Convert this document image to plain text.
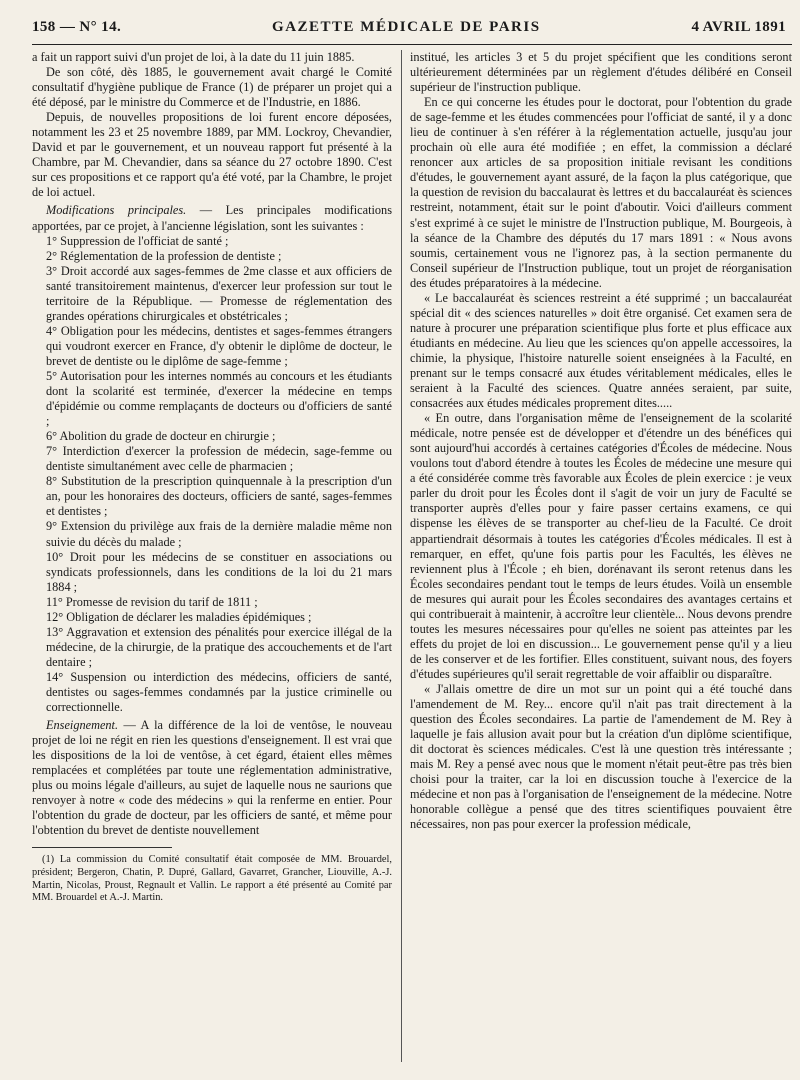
158 — N° 14.	GAZETTE MÉDICALE DE PARIS	4 AVRIL 1891

a fait un rapport suivi d'un projet de loi, à la date du 11 juin 1885.

De son côté, dès 1885, le gouvernement avait chargé le Comité consultatif d'hygiène publique de France (1) de préparer un projet qui a été déposé, par le ministre du Commerce et de l'Industrie, en 1886.

Depuis, de nouvelles propositions de loi furent encore déposées, notamment les 23 et 25 novembre 1889, par MM. Lockroy, Chevandier, David et par le gouvernement, et un nouveau rapport fut présenté à la Chambre, par M. Chevandier, dans sa séance du 27 octobre 1890. C'est sur ces propositions et ce rapport qu'a été voté, par la Chambre, le projet de loi actuel.

Modifications principales. — Les principales modifications apportées, par ce projet, à l'ancienne législation, sont les suivantes :

1° Suppression de l'officiat de santé ;

2° Réglementation de la profession de dentiste ;

3° Droit accordé aux sages-femmes de 2me classe et aux officiers de santé transitoirement maintenus, d'exercer leur profession sur tout le territoire de la République. — Promesse de réglementation des grandes opérations chirurgicales et obstétricales ;

4° Obligation pour les médecins, dentistes et sages-femmes étrangers qui voudront exercer en France, d'y obtenir le diplôme de docteur, le brevet de dentiste ou le diplôme de sage-femme ;

5° Autorisation pour les internes nommés au concours et les étudiants dont la scolarité est terminée, d'exercer la médecine en temps d'épidémie ou comme remplaçants de docteurs ou d'officiers de santé ;

6° Abolition du grade de docteur en chirurgie ;

7° Interdiction d'exercer la profession de médecin, sage-femme ou dentiste simultanément avec celle de pharmacien ;

8° Substitution de la prescription quinquennale à la prescription d'un an, pour les honoraires des docteurs, officiers de santé, sages-femmes et dentistes ;

9° Extension du privilège aux frais de la dernière maladie même non suivie du décès du malade ;

10° Droit pour les médecins de se constituer en associations ou syndicats professionnels, dans les conditions de la loi du 21 mars 1884 ;

11° Promesse de revision du tarif de 1811 ;

12° Obligation de déclarer les maladies épidémiques ;

13° Aggravation et extension des pénalités pour exercice illégal de la médecine, de la chirurgie, de la pratique des accouchements et de l'art dentaire ;

14° Suspension ou interdiction des médecins, officiers de santé, dentistes ou sages-femmes condamnés par la justice criminelle ou correctionnelle.

Enseignement. — A la différence de la loi de ventôse, le nouveau projet de loi ne régit en rien les questions d'enseignement. Il est vrai que les dispositions de la loi de ventôse, à cet égard, étaient elles mêmes remplacées et complétées par toute une réglementation administrative, plus ou moins légale d'ailleurs, au sujet de laquelle nous ne saurions que renvoyer à notre « code des médecins » qui la renferme en entier. Pour l'obtention du grade de docteur, par les officiers de santé, et même pour l'obtention du brevet de dentiste nouvellement

(1) La commission du Comité consultatif était composée de MM. Brouardel, président; Bergeron, Chatin, P. Dupré, Gallard, Gavarret, Grancher, Liouville, A.-J. Martin, Nicolas, Proust, Regnault et Vallin. Le rapport a été présenté au Comité par MM. Brouardel et A.-J. Martin.

institué, les articles 3 et 5 du projet spécifient que les conditions seront ultérieurement déterminées par un règlement d'études délibéré en Conseil supérieur de l'instruction publique.

En ce qui concerne les études pour le doctorat, pour l'obtention du grade de sage-femme et les études commencées pour l'officiat de santé, il y a donc lieu de continuer à s'en référer à la réglementation actuelle, jusqu'au jour prochain où elle aura été modifiée ; en effet, la commission a déclaré renoncer aux articles de sa proposition initiale revisant les conditions d'études, le gouvernement ayant assuré, de la façon la plus catégorique, que la question de revision du baccalaurat ès lettres et du baccalauréat ès sciences restreint, notamment, était sur le point d'aboutir. Voici d'ailleurs comment s'est exprimé à ce sujet le ministre de l'Instruction publique, M. Bourgeois, à la séance de la Chambre des députés du 17 mars 1891 : « Nous avons soumis, certainement vous ne l'ignorez pas, à la section permanente du Conseil supérieur de l'Instruction publique, tout un projet de réorganisation des études préparatoires à la médecine.

« Le baccalauréat ès sciences restreint a été supprimé ; un baccalauréat spécial dit « des sciences naturelles » doit être organisé. Cet examen sera de nature à procurer une préparation scientifique plus forte et plus efficace aux étudiants en médecine. Au lieu que les sciences qu'on appelle accessoires, la chimie, la physique, l'histoire naturelle soient enseignées à la Faculté, en prenant sur le temps consacré aux études véritablement médicales, elles le seraient à la Faculté des sciences. Quatre années seraient, par suite, consacrées aux études médicales proprement dites.....

« En outre, dans l'organisation même de l'enseignement de la scolarité médicale, notre pensée est de développer et d'étendre un des bénéfices qui sont aujourd'hui accordés à certaines catégories d'Écoles de médecine. Nous voulons tout d'abord étendre à toutes les Écoles de médecine une mesure qui a été considérée comme très favorable aux Écoles de plein exercice : je veux parler du droit pour les Écoles dont il s'agit de voir un jury de Faculté se transporter auprès d'elles pour y faire passer certains examens, ce qui dispense les élèves de se transporter au chef-lieu de la Faculté. Ce droit appartiendrait désormais à toutes les catégories d'Écoles médicales. Il est à remarquer, en effet, qu'une fois partis pour les Facultés, les élèves ne reviennent plus à l'École ; eh bien, dorénavant ils seront retenus dans les Écoles secondaires pendant tout le temps de leurs études. Voilà un ensemble de mesures qui aurait pour les Écoles secondaires des avantages certains et qui contribuerait à maintenir, à accroître leur clientèle... Nous devons prendre toutes les mesures nécessaires pour qu'elles ne soient pas atteintes par les effets du projet de loi en discussion... Le gouvernement pense qu'il y a lieu de les conserver et de les fortifier. Elles constituent, suivant nous, des foyers d'études supérieures qu'il serait regrettable de voir affaiblir ou disparaître.

« J'allais omettre de dire un mot sur un point qui a été touché dans l'amendement de M. Rey... encore qu'il n'ait pas trait directement à la question des Écoles secondaires. La partie de l'amendement de M. Rey à laquelle je fais allusion avait pour but la création d'un diplôme scientifique, dit doctorat ès sciences médicales. C'est là une question très intéressante ; mais M. Rey a pensé avec nous que le moment n'était peut-être pas très bien choisi pour la traiter, car la loi en discussion touche à l'exercice de la médecine et non pas à l'organisation de l'enseignement de la médecine. Notre honorable collègue a pensé que des titres scientifiques pouvaient être nécessaires, non pas pour exercer la profession médicale,
